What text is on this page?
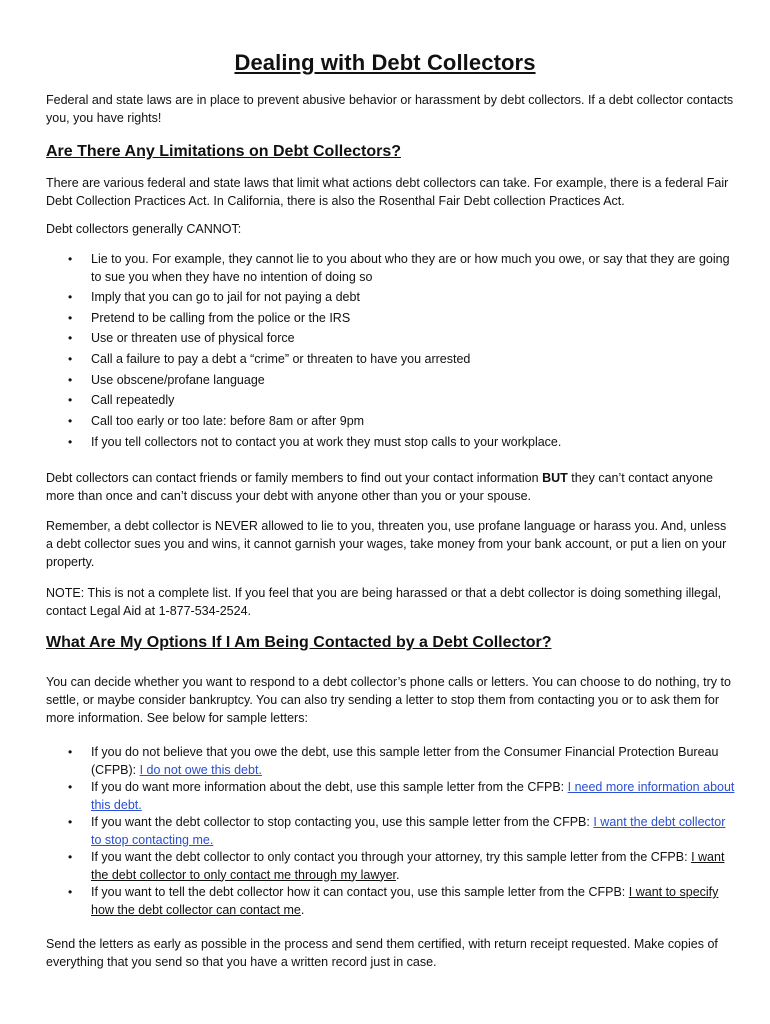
Dealing with Debt Collectors

Federal and state laws are in place to prevent abusive behavior or harassment by debt collectors. If a debt collector contacts you, you have rights!

Are There Any Limitations on Debt Collectors?

There are various federal and state laws that limit what actions debt collectors can take. For example, there is a federal Fair Debt Collection Practices Act. In California, there is also the Rosenthal Fair Debt collection Practices Act.

Debt collectors generally CANNOT:

• Lie to you. For example, they cannot lie to you about who they are or how much you owe, or say that they are going to sue you when they have no intention of doing so
• Imply that you can go to jail for not paying a debt
• Pretend to be calling from the police or the IRS
• Use or threaten use of physical force
• Call a failure to pay a debt a “crime” or threaten to have you arrested
• Use obscene/profane language
• Call repeatedly
• Call too early or too late: before 8am or after 9pm
• If you tell collectors not to contact you at work they must stop calls to your workplace.

Debt collectors can contact friends or family members to find out your contact information BUT they can’t contact anyone more than once and can’t discuss your debt with anyone other than you or your spouse.

Remember, a debt collector is NEVER allowed to lie to you, threaten you, use profane language or harass you. And, unless a debt collector sues you and wins, it cannot garnish your wages, take money from your bank account, or put a lien on your property.

NOTE: This is not a complete list. If you feel that you are being harassed or that a debt collector is doing something illegal, contact Legal Aid at 1-877-534-2524.

What Are My Options If I Am Being Contacted by a Debt Collector?

You can decide whether you want to respond to a debt collector’s phone calls or letters. You can choose to do nothing, try to settle, or maybe consider bankruptcy. You can also try sending a letter to stop them from contacting you or to ask them for more information. See below for sample letters:

• If you do not believe that you owe the debt, use this sample letter from the Consumer Financial Protection Bureau (CFPB): I do not owe this debt.
• If you do want more information about the debt, use this sample letter from the CFPB: I need more information about this debt.
• If you want the debt collector to stop contacting you, use this sample letter from the CFPB: I want the debt collector to stop contacting me.
• If you want the debt collector to only contact you through your attorney, try this sample letter from the CFPB: I want the debt collector to only contact me through my lawyer.
• If you want to tell the debt collector how it can contact you, use this sample letter from the CFPB: I want to specify how the debt collector can contact me.

Send the letters as early as possible in the process and send them certified, with return receipt requested. Make copies of everything that you send so that you have a written record just in case.
